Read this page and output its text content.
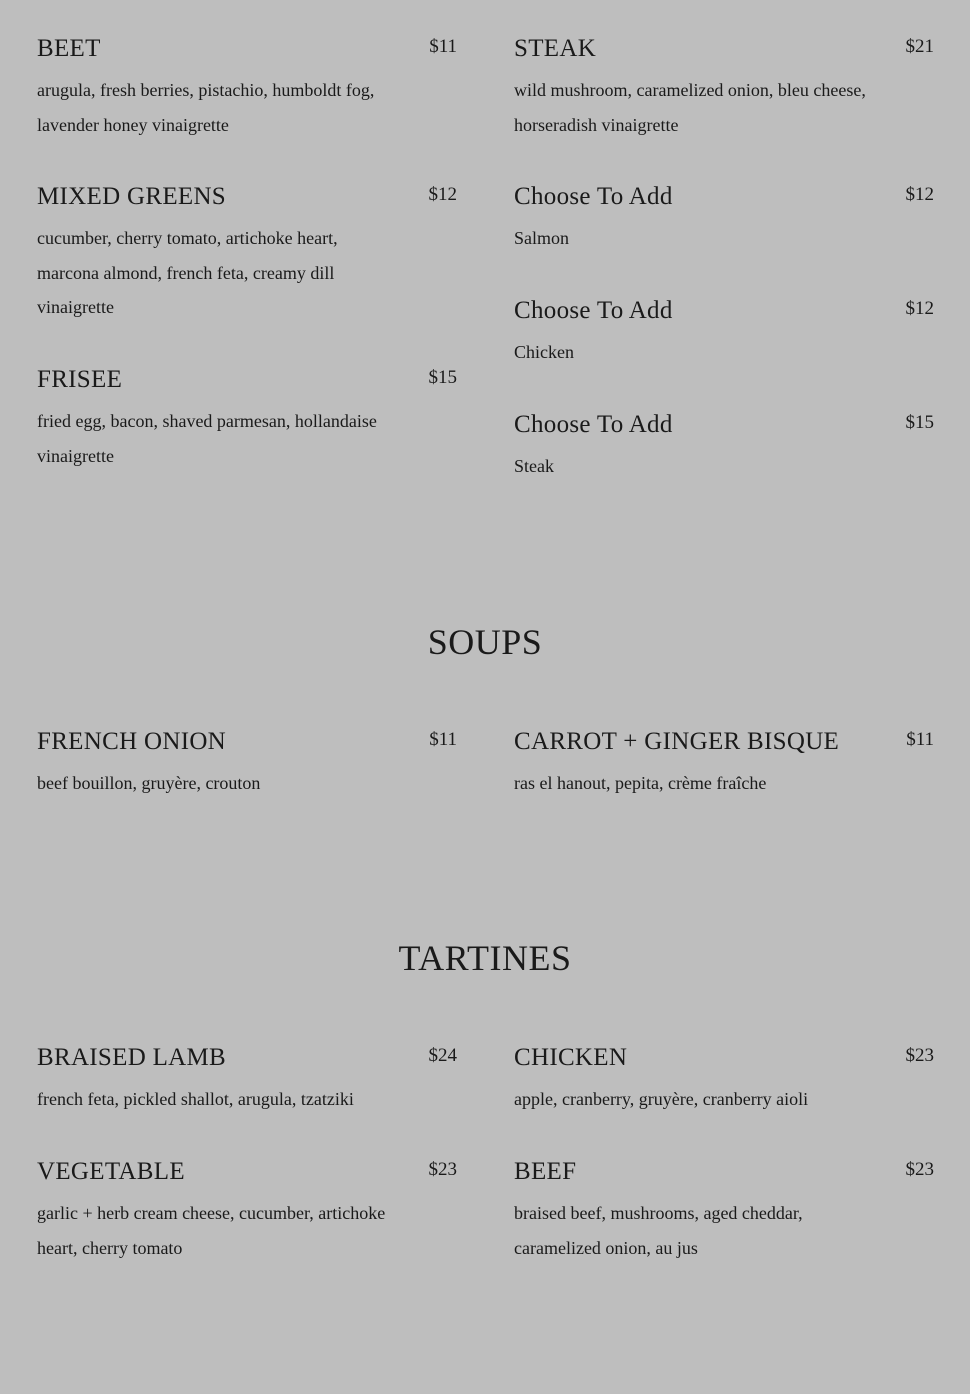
BEET	$11
arugula, fresh berries, pistachio, humboldt fog, lavender honey vinaigrette
STEAK	$21
wild mushroom, caramelized onion, bleu cheese, horseradish vinaigrette
MIXED GREENS	$12
cucumber, cherry tomato, artichoke heart, marcona almond, french feta, creamy dill vinaigrette
Choose To Add	$12
Salmon
Choose To Add	$12
Chicken
FRISEE	$15
fried egg, bacon, shaved parmesan, hollandaise vinaigrette
Choose To Add	$15
Steak
SOUPS
FRENCH ONION	$11
beef bouillon, gruyère, crouton
CARROT + GINGER BISQUE	$11
ras el hanout, pepita, crème fraîche
TARTINES
BRAISED LAMB	$24
french feta, pickled shallot, arugula, tzatziki
CHICKEN	$23
apple, cranberry, gruyère, cranberry aioli
VEGETABLE	$23
garlic + herb cream cheese, cucumber, artichoke heart, cherry tomato
BEEF	$23
braised beef, mushrooms, aged cheddar, caramelized onion, au jus
